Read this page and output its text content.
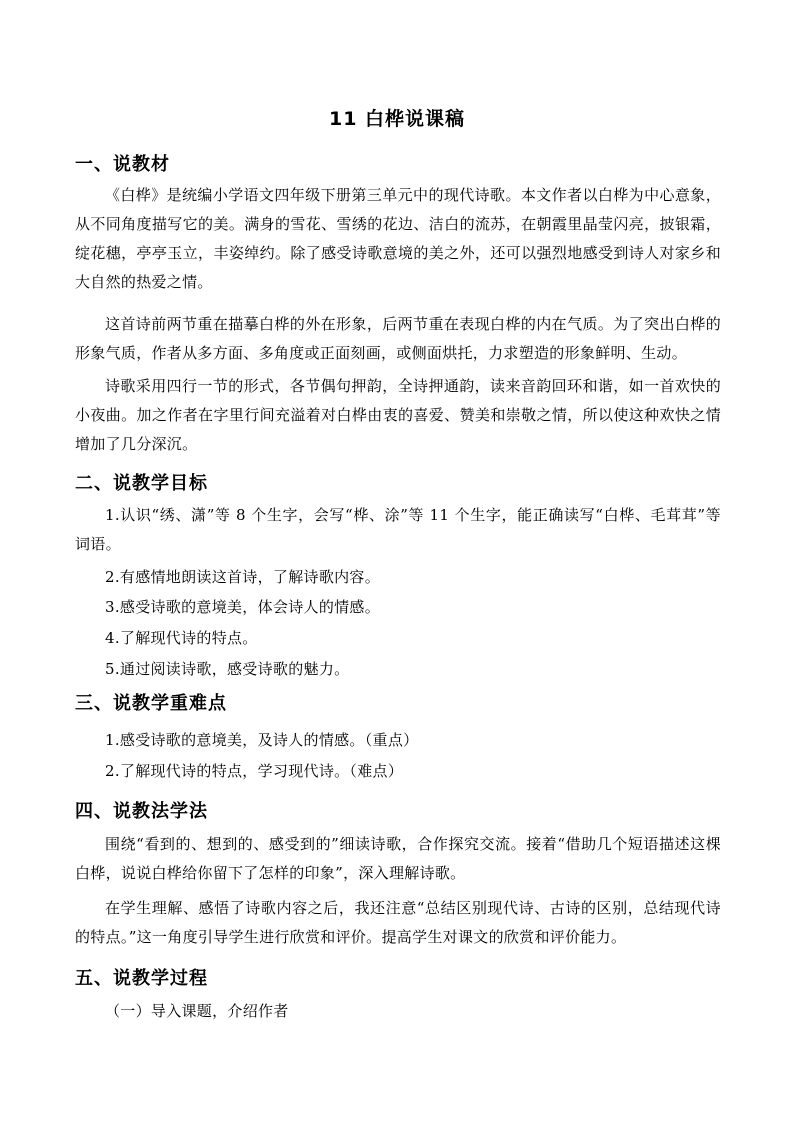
11 白桦说课稿
一、说教材
《白桦》是统编小学语文四年级下册第三单元中的现代诗歌。本文作者以白桦为中心意象，从不同角度描写它的美。满身的雪花、雪绣的花边、洁白的流苏，在朝霞里晶莹闪亮，披银霜，绽花穗，亭亭玉立，丰姿绰约。除了感受诗歌意境的美之外，还可以强烈地感受到诗人对家乡和大自然的热爱之情。
这首诗前两节重在描摹白桦的外在形象，后两节重在表现白桦的内在气质。为了突出白桦的形象气质，作者从多方面、多角度或正面刻画，或侧面烘托，力求塑造的形象鲜明、生动。
诗歌采用四行一节的形式，各节偶句押韵，全诗押通韵，读来音韵回环和谐，如一首欢快的小夜曲。加之作者在字里行间充溢着对白桦由衷的喜爱、赞美和崇敬之情，所以使这种欢快之情增加了几分深沉。
二、说教学目标
1.认识“绣、潇”等 8 个生字，会写“桦、涂”等 11 个生字，能正确读写“白桦、毛茸茸”等词语。
2.有感情地朗读这首诗，了解诗歌内容。
3.感受诗歌的意境美，体会诗人的情感。
4.了解现代诗的特点。
5.通过阅读诗歌，感受诗歌的魅力。
三、说教学重难点
1.感受诗歌的意境美，及诗人的情感。（重点）
2.了解现代诗的特点，学习现代诗。（难点）
四、说教法学法
围绕“看到的、想到的、感受到的”细读诗歌，合作探究交流。接着“借助几个短语描述这棵白桦，说说白桦给你留下了怎样的印象”，深入理解诗歌。
在学生理解、感悟了诗歌内容之后，我还注意“总结区别现代诗、古诗的区别，总结现代诗的特点。”这一角度引导学生进行欣赏和评价。提高学生对课文的欣赏和评价能力。
五、说教学过程
（一）导入课题，介绍作者
